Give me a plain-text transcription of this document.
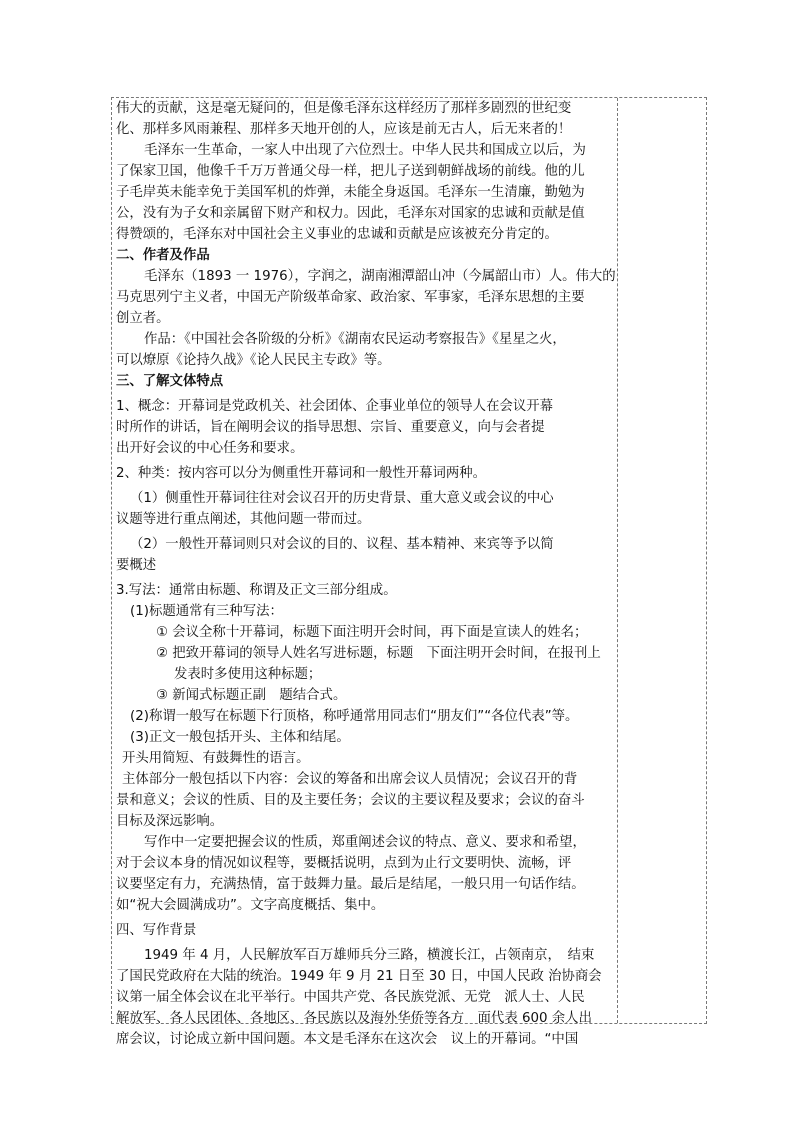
伟大的贡献，这是毫无疑问的，但是像毛泽东这样经历了那样多剧烈的世纪变
化、那样多风雨兼程、那样多天地开创的人，应该是前无古人，后无来者的！
毛泽东一生革命，一家人中出现了六位烈士。中华人民共和国成立以后，为
了保家卫国，他像千千万万普通父母一样，把儿子送到朝鲜战场的前线。他的儿
子毛岸英未能幸免于美国军机的炸弹，未能全身返国。毛泽东一生清廉，勤勉为
公，没有为子女和亲属留下财产和权力。因此，毛泽东对国家的忠诚和贡献是值
得赞颂的，毛泽东对中国社会主义事业的忠诚和贡献是应该被充分肯定的。
二、作者及作品
毛泽东（1893 一 1976），字润之，湖南湘潭韶山冲（今属韶山市）人。伟大的
马克思列宁主义者，中国无产阶级革命家、政治家、军事家，毛泽东思想的主要
创立者。
作品：《中国社会各阶级的分析》《湖南农民运动考察报告》《星星之火，
可以燎原《论持久战》《论人民民主专政》等。
三、了解文体特点
1、概念：开幕词是党政机关、社会团体、企事业单位的领导人在会议开幕
时所作的讲话，旨在阐明会议的指导思想、宗旨、重要意义，向与会者提
出开好会议的中心任务和要求。
2、种类：按内容可以分为侧重性开幕词和一般性开幕词两种。
（1）侧重性开幕词往往对会议召开的历史背景、重大意义或会议的中心
议题等进行重点阐述，其他问题一带而过。
（2）一般性开幕词则只对会议的目的、议程、基本精神、来宾等予以简
要概述
3.写法：通常由标题、称谓及正文三部分组成。
(1)标题通常有三种写法：
① 会议全称十开幕词，标题下面注明开会时间，再下面是宣读人的姓名；
② 把致开幕词的领导人姓名写进标题，标题　下面注明开会时间，在报刊上
发表时多使用这种标题；
③ 新闻式标题正副　题结合式。
(2)称谓一般写在标题下行顶格，称呼通常用同志们“朋友们”“各位代表”等。
(3)正文一般包括开头、主体和结尾。
开头用简短、有鼓舞性的语言。
主体部分一般包括以下内容：会议的筹备和出席会议人员情况；会议召开的背
景和意义；会议的性质、目的及主要任务；会议的主要议程及要求；会议的奋斗
目标及深远影响。
写作中一定要把握会议的性质，郑重阐述会议的特点、意义、要求和希望，
对于会议本身的情况如议程等，要概括说明，点到为止行文要明快、流畅，评
议要坚定有力，充满热情，富于鼓舞力量。最后是结尾，一般只用一句话作结。
如“祝大会圆满成功”。文字高度概括、集中。
四、写作背景
1949 年 4 月，人民解放军百万雄师兵分三路，横渡长江，占领南京，　结束
了国民党政府在大陆的统治。1949 年 9 月 21 日至 30 日，中国人民政 治协商会
议第一届全体会议在北平举行。中国共产党、各民族党派、无党　派人士、人民
解放军、各人民团体、各地区、各民族以及海外华侨等各方　面代表 600 余人出
席会议，讨论成立新中国问题。本文是毛泽东在这次会　议上的开幕词。“中国
